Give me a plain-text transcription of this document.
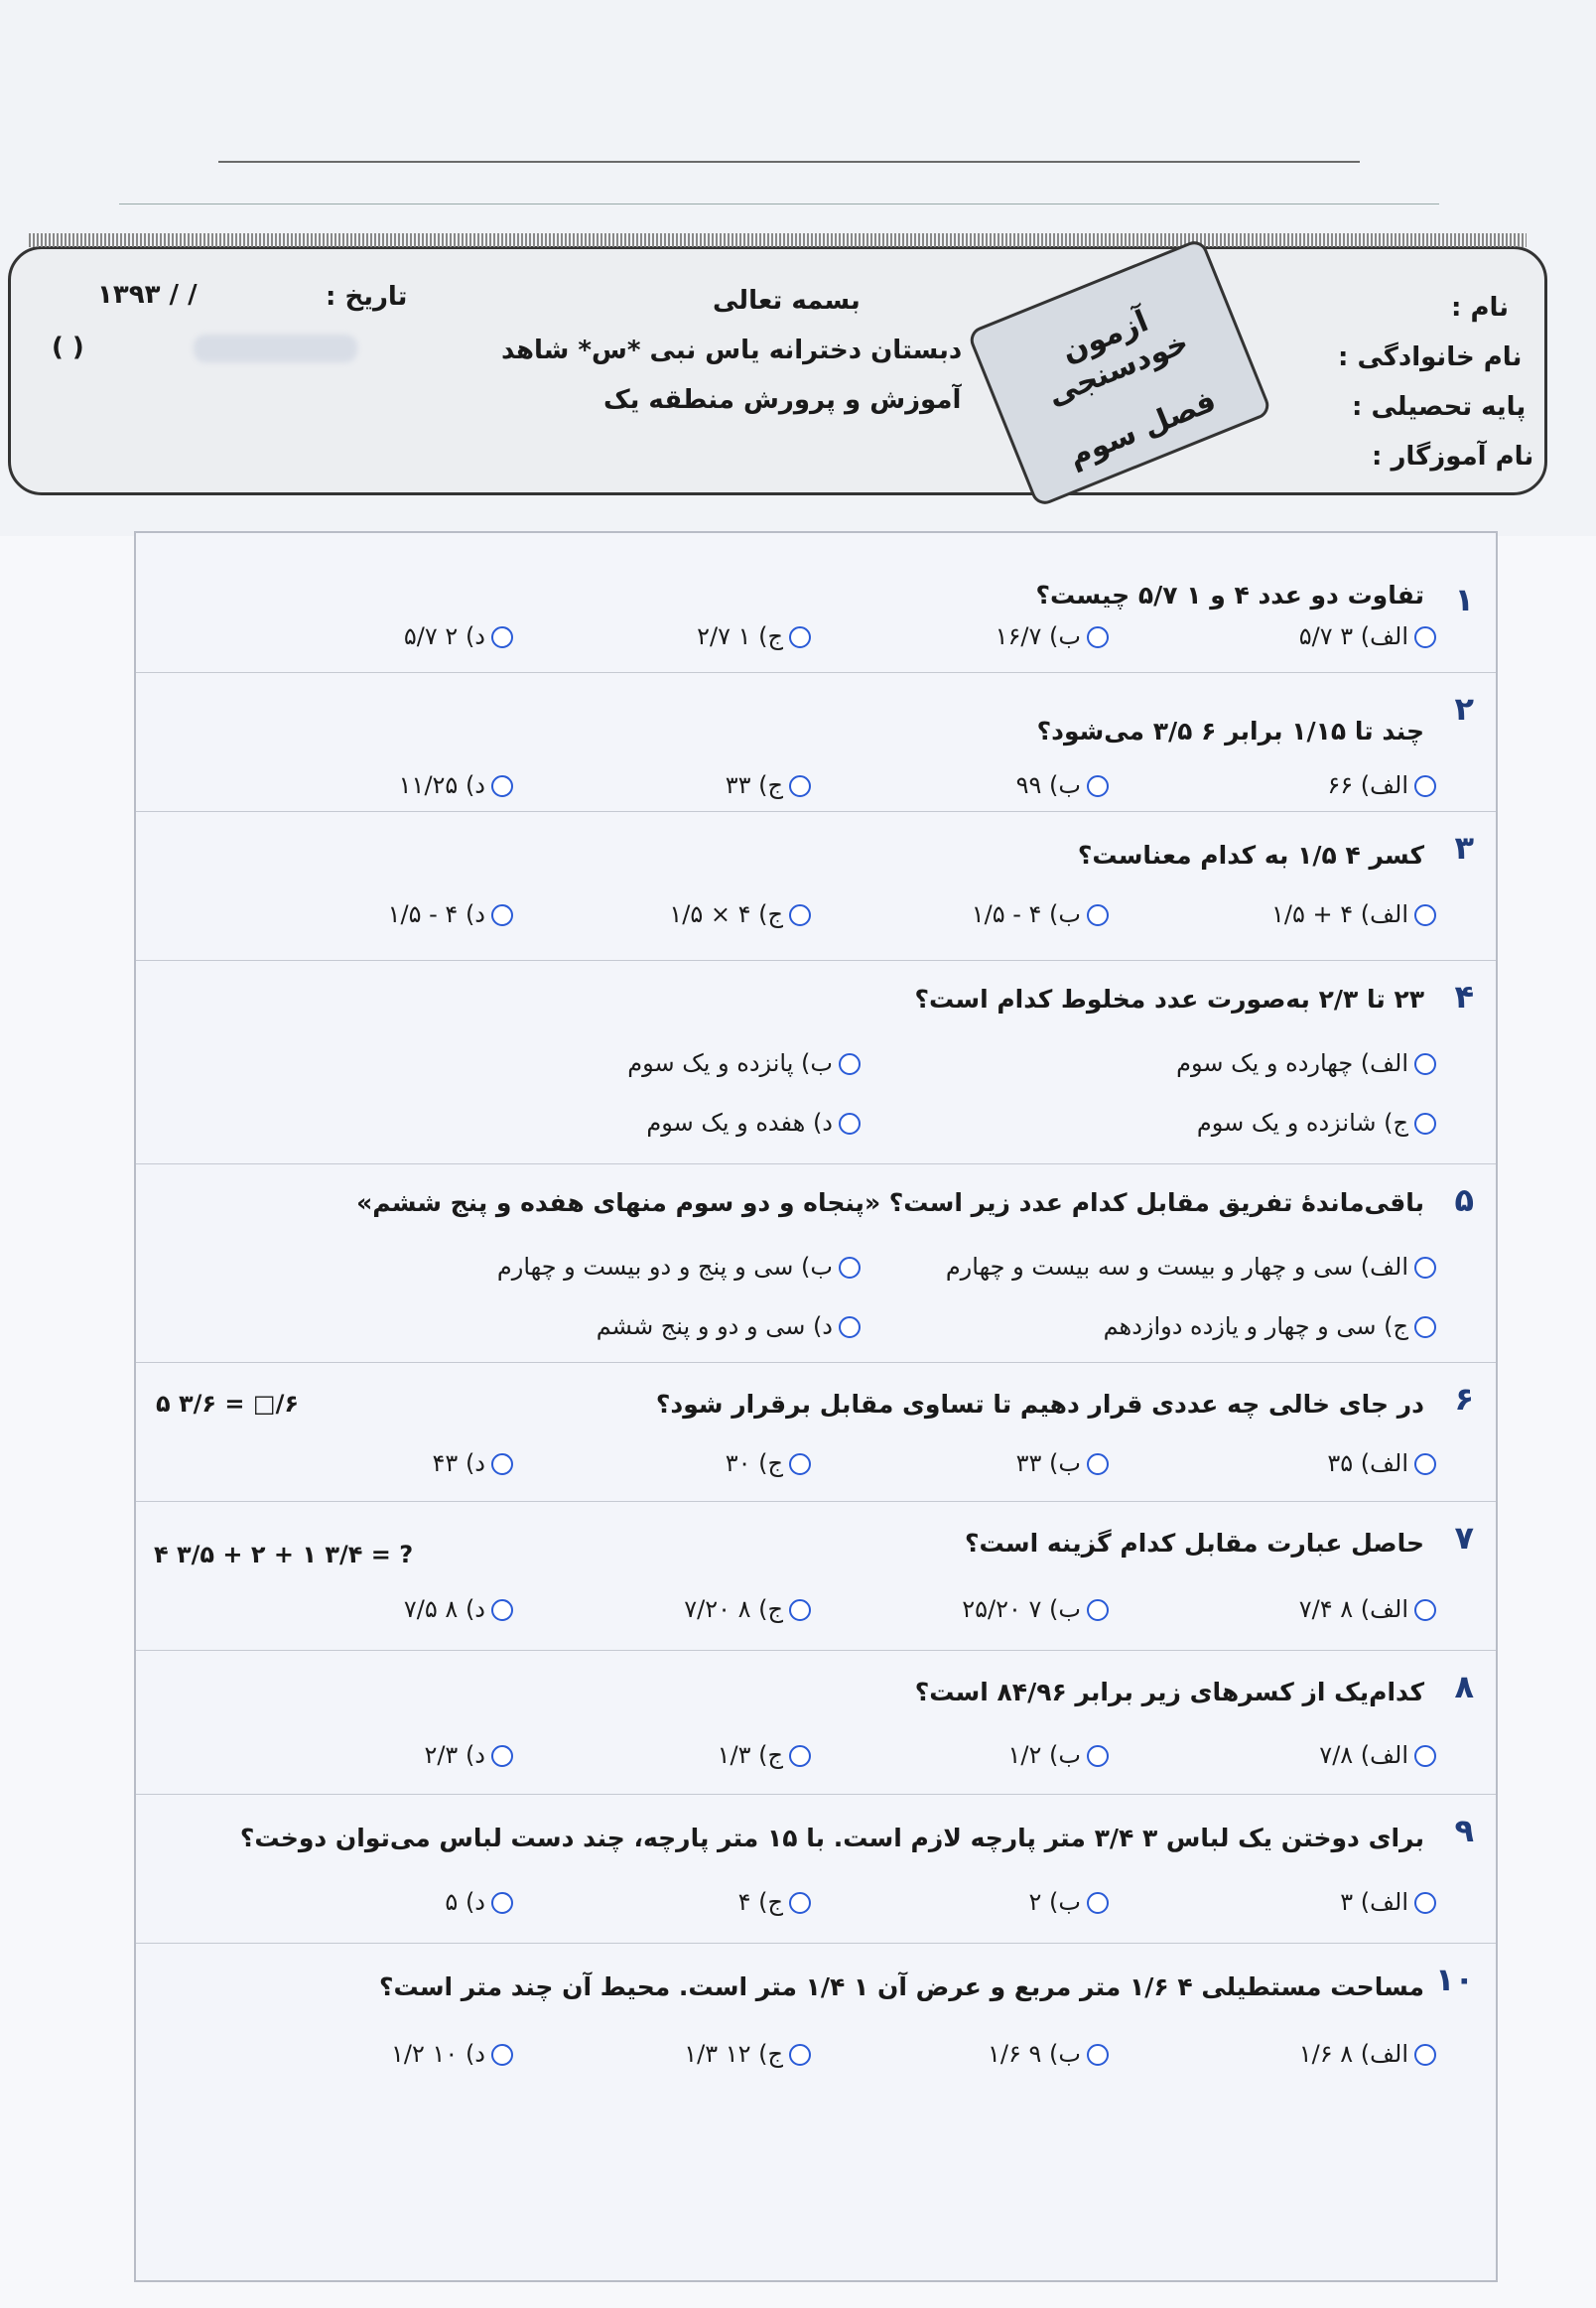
بسمه تعالی
دبستان دخترانه یاس نبی *س* شاهد
آموزش و پرورش منطقه یک
تاریخ :
/ / ۱۳۹۳
( )
نام :
نام خانوادگی :
پایه تحصیلی :
نام آموزگار :
آزمون خودسنجی
فصل سوم
۱
تفاوت دو عدد ۴ و ۱ ۵/۷ چیست؟
الف) ۳ ۵/۷
ب) ۱۶/۷
ج) ۱ ۲/۷
د) ۲ ۵/۷
۲
چند تا ۱/۱۵ برابر ۶ ۳/۵ می‌شود؟
الف) ۶۶
ب) ۹۹
ج) ۳۳
د) ۱۱/۲۵
۳
کسر ۴ ۱/۵ به کدام معناست؟
الف) ۴ + ۱/۵
ب) ۴ - ۱/۵
ج) ۴ × ۱/۵
د) ۴ - ۱/۵
۴
۲۳ تا ۲/۳ به‌صورت عدد مخلوط کدام است؟
الف) چهارده و یک سوم
ب) پانزده و یک سوم
ج) شانزده و یک سوم
د) هفده و یک سوم
۵
باقی‌ماندهٔ تفریق مقابل کدام عدد زیر است؟ «پنجاه و دو سوم منهای هفده و پنج ششم»
الف) سی و چهار و بیست و سه بیست و چهارم
ب) سی و پنج و دو بیست و چهارم
ج) سی و چهار و یازده دوازدهم
د) سی و دو و پنج ششم
۶
در جای خالی چه عددی قرار دهیم تا تساوی مقابل برقرار شود؟
۵ ۳/۶ = □/۶
الف) ۳۵
ب) ۳۳
ج) ۳۰
د) ۴۳
۷
حاصل عبارت مقابل کدام گزینه است؟
۴ ۳/۵ + ۲ + ۱ ۳/۴ = ?
الف) ۸ ۷/۴
ب) ۷ ۲۵/۲۰
ج) ۸ ۷/۲۰
د) ۸ ۷/۵
۸
کدام‌یک از کسرهای زیر برابر ۸۴/۹۶ است؟
الف) ۷/۸
ب) ۱/۲
ج) ۱/۳
د) ۲/۳
۹
برای دوختن یک لباس ۳ ۳/۴ متر پارچه لازم است. با ۱۵ متر پارچه، چند دست لباس می‌توان دوخت؟
الف) ۳
ب) ۲
ج) ۴
د) ۵
۱۰
مساحت مستطیلی ۴ ۱/۶ متر مربع و عرض آن ۱ ۱/۴ متر است. محیط آن چند متر است؟
الف) ۸ ۱/۶
ب) ۹ ۱/۶
ج) ۱۲ ۱/۳
د) ۱۰ ۱/۲
